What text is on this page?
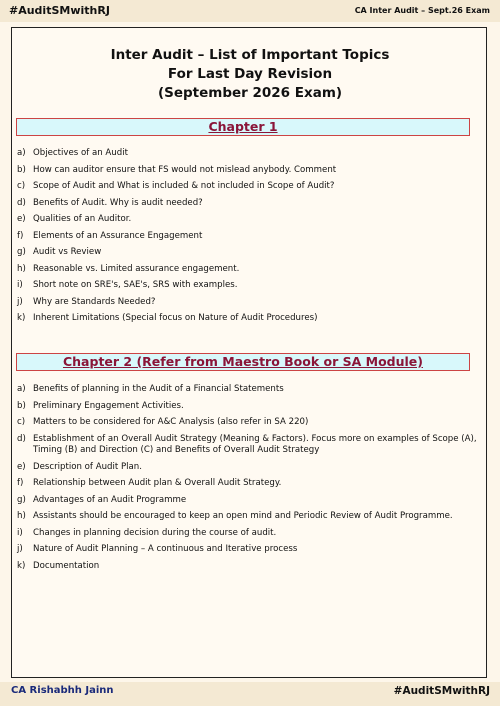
#AuditSMwithRJ	CA Inter Audit – Sept.26 Exam
Inter Audit – List of Important Topics
For Last Day Revision
(September 2026 Exam)
Chapter 1
a) Objectives of an Audit
b) How can auditor ensure that FS would not mislead anybody. Comment
c) Scope of Audit and What is included & not included in Scope of Audit?
d) Benefits of Audit. Why is audit needed?
e) Qualities of an Auditor.
f) Elements of an Assurance Engagement
g) Audit vs Review
h) Reasonable vs. Limited assurance engagement.
i) Short note on SRE's, SAE's, SRS with examples.
j) Why are Standards Needed?
k) Inherent Limitations (Special focus on Nature of Audit Procedures)
Chapter 2 (Refer from Maestro Book or SA Module)
a) Benefits of planning in the Audit of a Financial Statements
b) Preliminary Engagement Activities.
c) Matters to be considered for A&C Analysis (also refer in SA 220)
d) Establishment of an Overall Audit Strategy (Meaning & Factors). Focus more on examples of Scope (A), Timing (B) and Direction (C) and Benefits of Overall Audit Strategy
e) Description of Audit Plan.
f) Relationship between Audit plan & Overall Audit Strategy.
g) Advantages of an Audit Programme
h) Assistants should be encouraged to keep an open mind and Periodic Review of Audit Programme.
i) Changes in planning decision during the course of audit.
j) Nature of Audit Planning – A continuous and Iterative process
k) Documentation
CA Rishabhh Jainn	#AuditSMwithRJ
